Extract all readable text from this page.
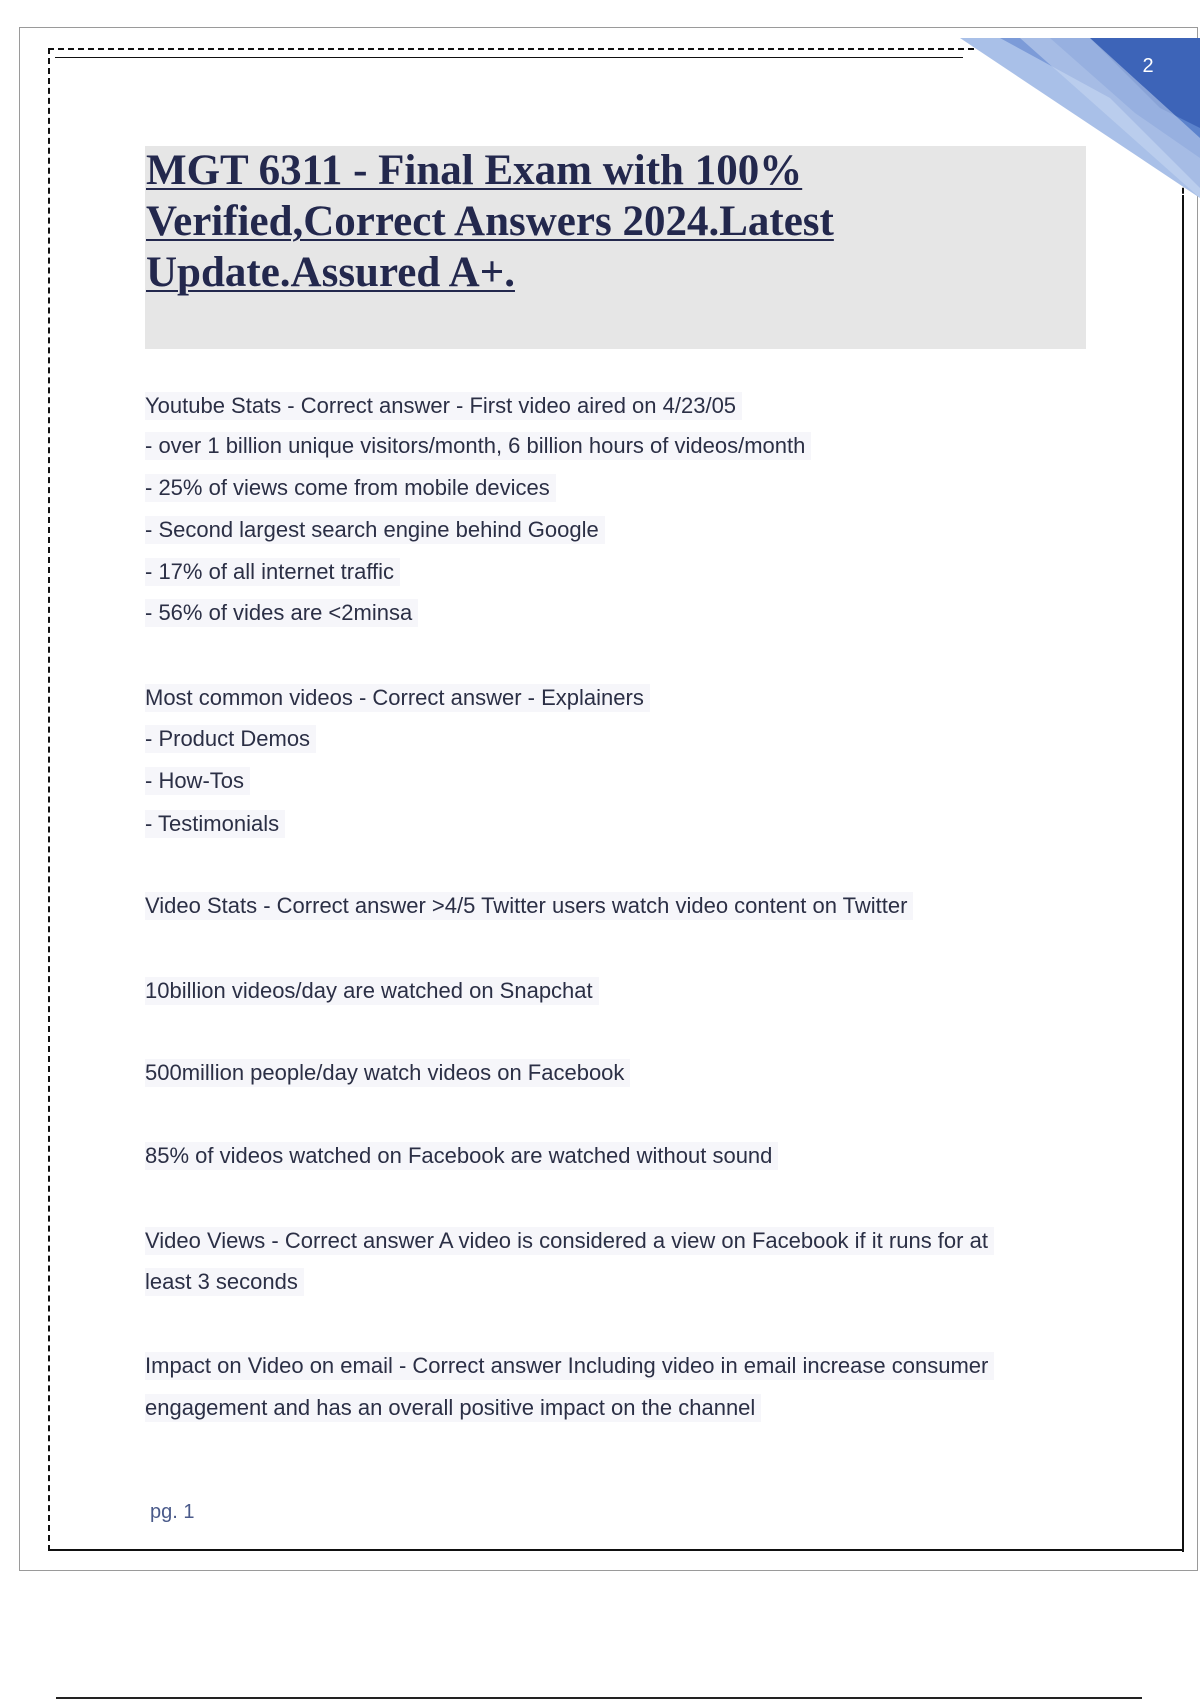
2
MGT 6311 - Final Exam with 100%
Verified,Correct Answers 2024.Latest
Update.Assured A+.

Youtube Stats - Correct answer - First video aired on 4/23/05

- over 1 billion unique visitors/month, 6 billion hours of videos/month

- 25% of views come from mobile devices

- Second largest search engine behind Google

- 17% of all internet traffic

- 56% of vides are <2minsa

Most common videos - Correct answer - Explainers

- Product Demos

- How-Tos

- Testimonials

Video Stats - Correct answer >4/5 Twitter users watch video content on Twitter

10billion videos/day are watched on Snapchat

500million people/day watch videos on Facebook

85% of videos watched on Facebook are watched without sound

Video Views - Correct answer A video is considered a view on Facebook if it runs for at

least 3 seconds

Impact on Video on email - Correct answer Including video in email increase consumer

engagement and has an overall positive impact on the channel

pg. 1
